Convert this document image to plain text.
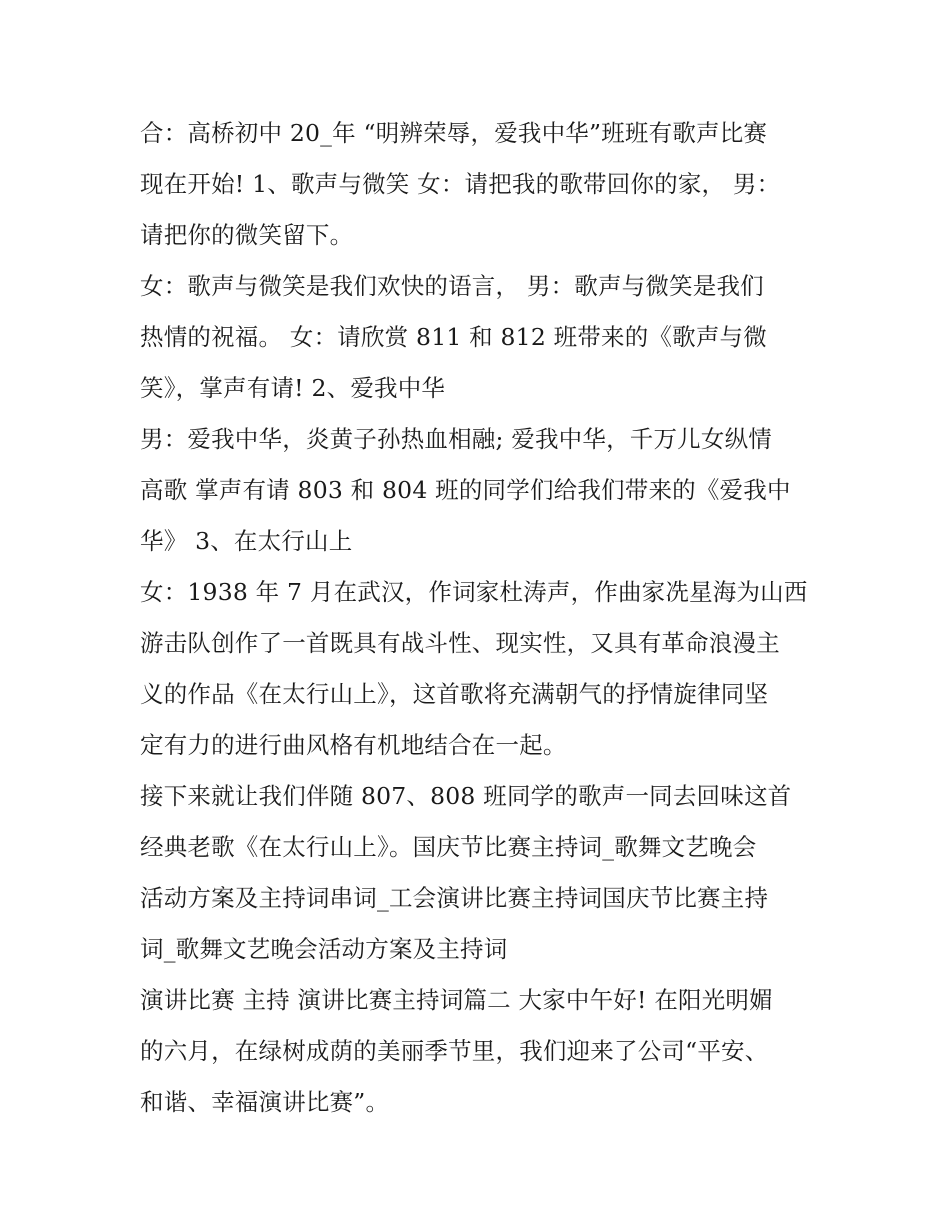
合：高桥初中 20_年 “明辨荣辱，爱我中华”班班有歌声比赛
现在开始! 1、歌声与微笑 女：请把我的歌带回你的家， 男：
请把你的微笑留下。
女：歌声与微笑是我们欢快的语言， 男：歌声与微笑是我们
热情的祝福。 女：请欣赏 811 和 812 班带来的《歌声与微
笑》，掌声有请! 2、爱我中华
男：爱我中华，炎黄子孙热血相融; 爱我中华，千万儿女纵情
高歌 掌声有请 803 和 804 班的同学们给我们带来的《爱我中
华》 3、在太行山上
女：1938 年 7 月在武汉，作词家杜涛声，作曲家冼星海为山西
游击队创作了一首既具有战斗性、现实性，又具有革命浪漫主
义的作品《在太行山上》，这首歌将充满朝气的抒情旋律同坚
定有力的进行曲风格有机地结合在一起。
接下来就让我们伴随 807、808 班同学的歌声一同去回味这首
经典老歌《在太行山上》。国庆节比赛主持词_歌舞文艺晚会
活动方案及主持词串词_工会演讲比赛主持词国庆节比赛主持
词_歌舞文艺晚会活动方案及主持词
演讲比赛 主持 演讲比赛主持词篇二 大家中午好! 在阳光明媚
的六月，在绿树成荫的美丽季节里，我们迎来了公司“平安、
和谐、幸福演讲比赛”。
